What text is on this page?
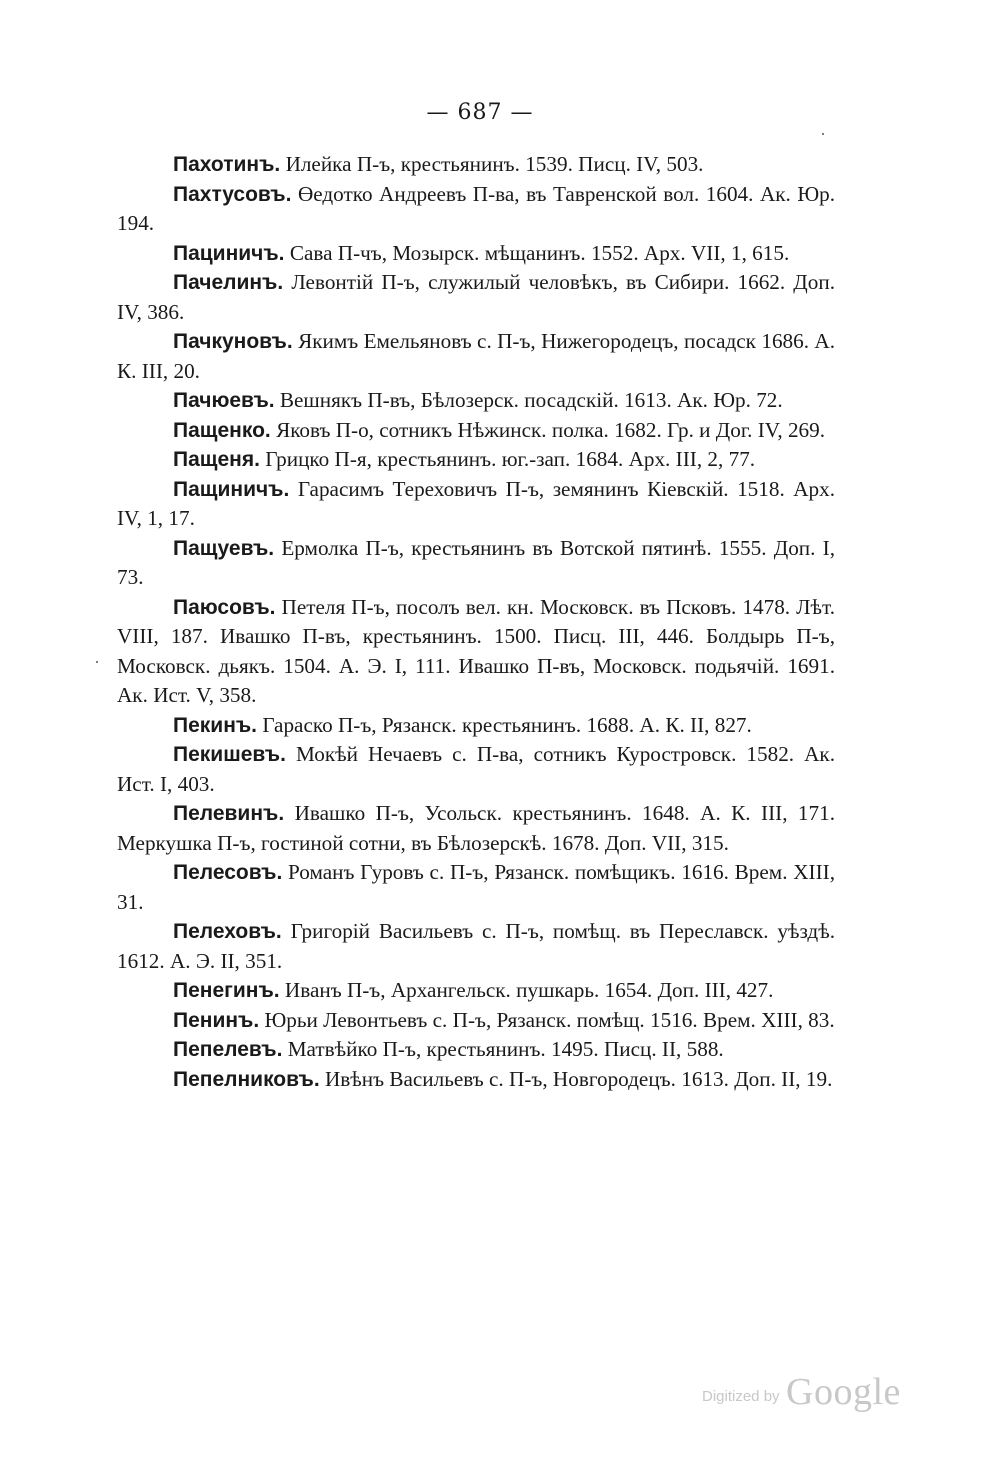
— 687 —

Пахотинъ. Илейка П-ъ, крестьянинъ. 1539. Писц. IV, 503.

Пахтусовъ. Өедотко Андреевъ П-ва, въ Тавренской вол. 1604. Ак. Юр. 194.

Пациничъ. Сава П-чъ, Мозырск. мѣщанинъ. 1552. Арх. VII, 1, 615.

Пачелинъ. Левонтій П-ъ, служилый человѣкъ, въ Сибири. 1662. Доп. IV, 386.

Пачкуновъ. Якимъ Емельяновъ с. П-ъ, Нижегородецъ, посадск 1686. А. К. III, 20.

Пачюевъ. Вешнякъ П-въ, Бѣлозерск. посадскій. 1613. Ак. Юр. 72.

Пащенко. Яковъ П-о, сотникъ Нѣжинск. полка. 1682. Гр. и Дог. IV, 269.

Пащеня. Грицко П-я, крестьянинъ. юг.-зап. 1684. Арх. III, 2, 77.

Пащиничъ. Гарасимъ Тереховичъ П-ъ, земянинъ Кіевскій. 1518. Арх. IV, 1, 17.

Пащуевъ. Ермолка П-ъ, крестьянинъ въ Вотской пятинѣ. 1555. Доп. I, 73.

Паюсовъ. Петеля П-ъ, посолъ вел. кн. Московск. въ Псковъ. 1478. Лѣт. VIII, 187. Ивашко П-въ, крестьянинъ. 1500. Писц. III, 446. Болдырь П-ъ, Московск. дьякъ. 1504. А. Э. I, 111. Ивашко П-въ, Московск. подьячій. 1691. Ак. Ист. V, 358.

Пекинъ. Гараско П-ъ, Рязанск. крестьянинъ. 1688. А. К. II, 827.

Пекишевъ. Мокѣй Нечаевъ с. П-ва, сотникъ Куростровск. 1582. Ак. Ист. I, 403.

Пелевинъ. Ивашко П-ъ, Усольск. крестьянинъ. 1648. А. К. III, 171. Меркушка П-ъ, гостиной сотни, въ Бѣлозерскѣ. 1678. Доп. VII, 315.

Пелесовъ. Романъ Гуровъ с. П-ъ, Рязанск. помѣщикъ. 1616. Врем. XIII, 31.

Пелеховъ. Григорій Васильевъ с. П-ъ, помѣщ. въ Переславск. уѣздѣ. 1612. А. Э. II, 351.

Пенегинъ. Иванъ П-ъ, Архангельск. пушкарь. 1654. Доп. III, 427.

Пенинъ. Юрьи Левонтьевъ с. П-ъ, Рязанск. помѣщ. 1516. Врем. XIII, 83.

Пепелевъ. Матвѣйко П-ъ, крестьянинъ. 1495. Писц. II, 588.

Пепелниковъ. Ивѣнъ Васильевъ с. П-ъ, Новгородецъ. 1613. Доп. II, 19.

Digitized by Google
